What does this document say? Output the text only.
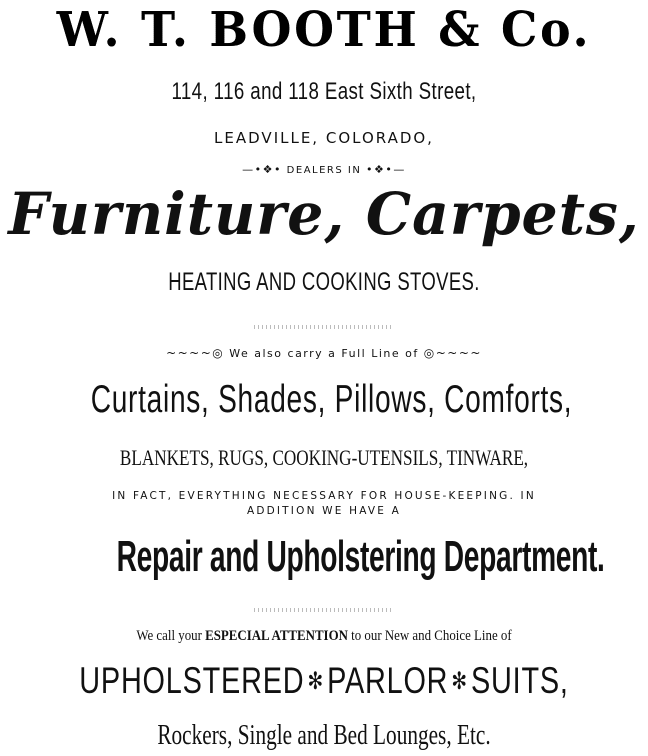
W. T. BOOTH & Co.
114, 116 and 118 East Sixth Street,
LEADVILLE, COLORADO,
—•❖• DEALERS IN •❖•—
Furniture, Carpets,
HEATING AND COOKING STOVES.
~~~~◎ We also carry a Full Line of ◎~~~~
Curtains, Shades, Pillows, Comforts,
BLANKETS, RUGS, COOKING-UTENSILS, TINWARE,
IN FACT, EVERYTHING NECESSARY FOR HOUSE-KEEPING. IN
ADDITION WE HAVE A
Repair and Upholstering Department.
We call your ESPECIAL ATTENTION to our New and Choice Line of
UPHOLSTERED ✻PARLOR ✻SUITS,
Rockers, Single and Bed Lounges, Etc.
